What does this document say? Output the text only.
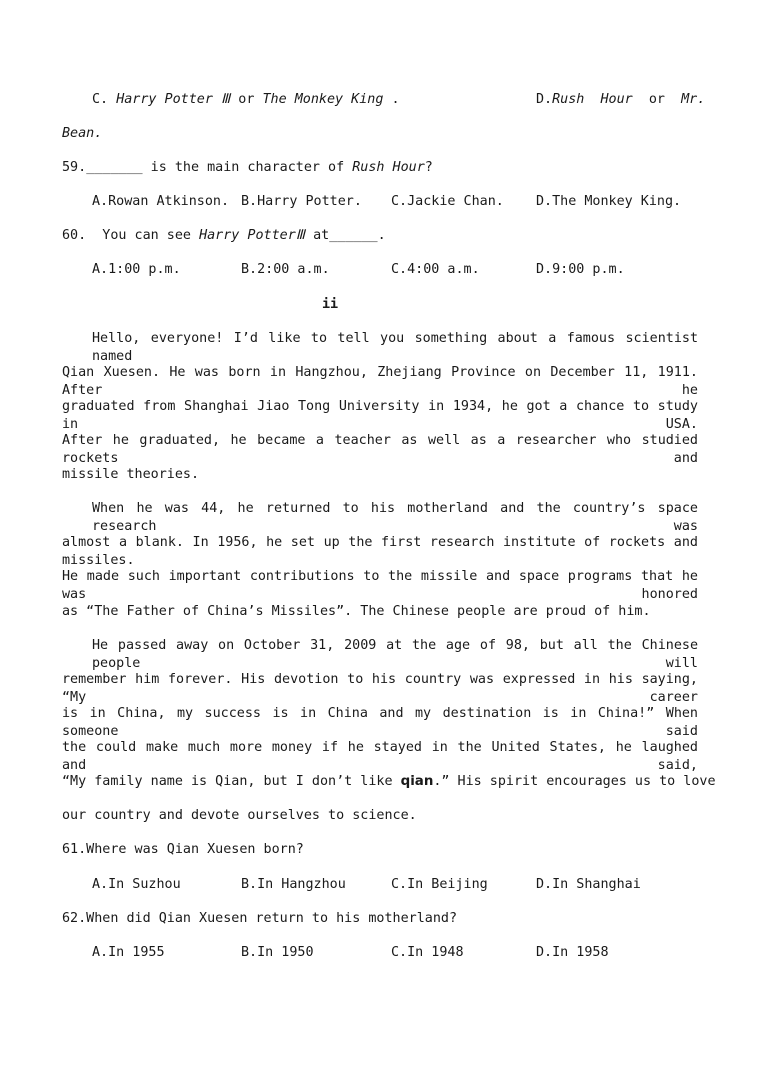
C. Harry Potter Ⅲ or The Monkey King .	D.Rush  Hour or Mr.
Bean.
59._______ is the main character of Rush Hour?
A.Rowan Atkinson. B.Harry Potter. C.Jackie Chan. D.The Monkey King.
60.  You can see Harry PotterⅢ at______.
A.1:00 p.m.	B.2:00 a.m.	C.4:00 a.m.	D.9:00 p.m.
ii
Hello, everyone! I’d like to tell you something about a famous scientist named
Qian Xuesen. He was born in Hangzhou, Zhejiang Province on December 11, 1911. After he
graduated from Shanghai Jiao Tong University in 1934, he got a chance to study in USA.
After he graduated, he became a teacher as well as a researcher who studied rockets and
missile theories.
When he was 44, he returned to his motherland and the country’s space research was
almost a blank. In 1956, he set up the first research institute of rockets and missiles.
He made such important contributions to the missile and space programs that he was honored
as “The Father of China’s Missiles”. The Chinese people are proud of him.
He passed away on October 31, 2009 at the age of 98, but all the Chinese people will
remember him forever. His devotion to his country was expressed in his saying, “My career
is in China, my success is in China and my destination is in China!” When someone said
the could make much more money if he stayed in the United States, he laughed and said,
“My family name is Qian, but I don’t like qian.” His spirit encourages us to love
our country and devote ourselves to science.
61.Where was Qian Xuesen born?
A.In Suzhou	B.In Hangzhou	C.In Beijing	D.In Shanghai
62.When did Qian Xuesen return to his motherland?
A.In 1955	B.In 1950	C.In 1948	D.In 1958
